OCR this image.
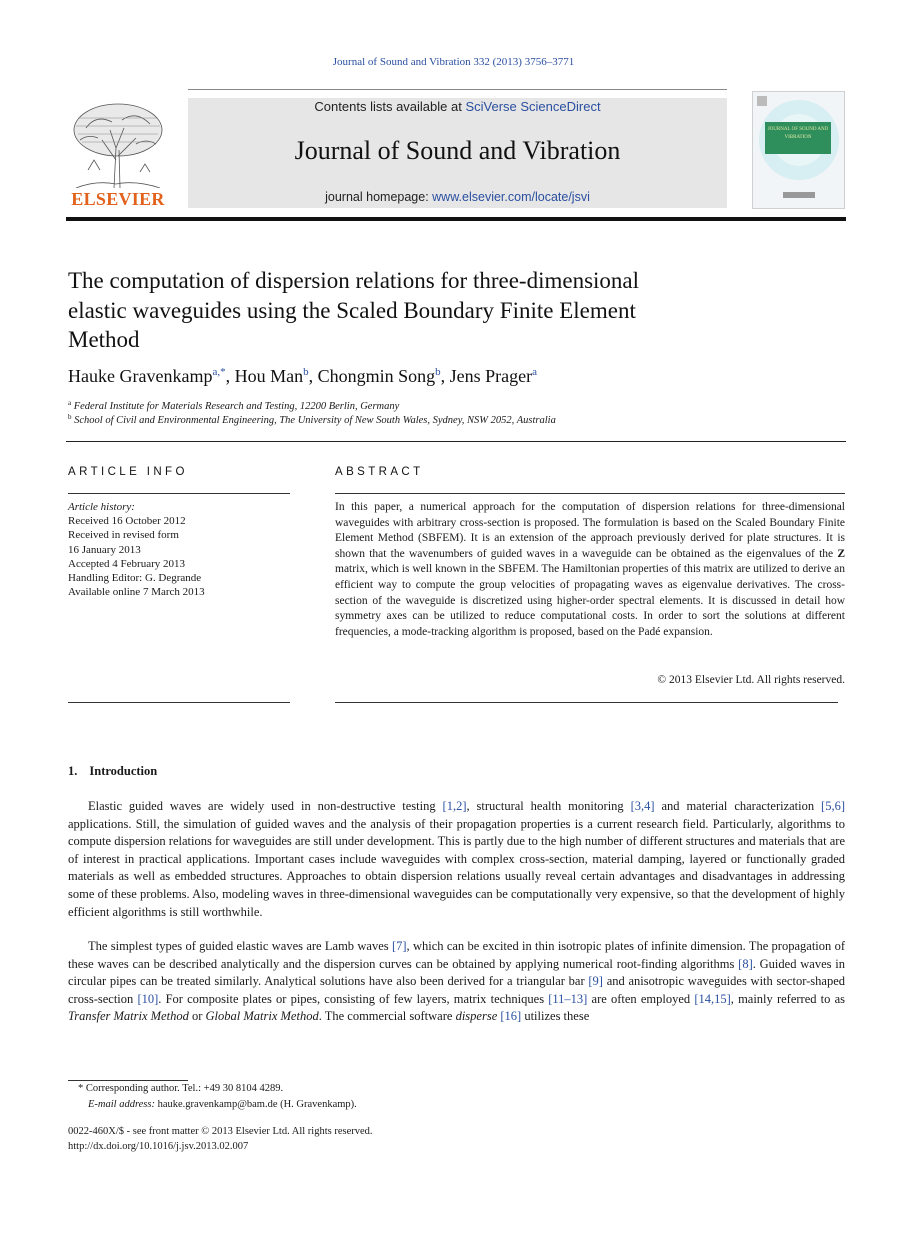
Journal of Sound and Vibration 332 (2013) 3756–3771
ELSEVIER
Contents lists available at SciVerse ScienceDirect
Journal of Sound and Vibration
journal homepage: www.elsevier.com/locate/jsvi
JOURNAL OF SOUND AND VIBRATION
The computation of dispersion relations for three-dimensional elastic waveguides using the Scaled Boundary Finite Element Method
Hauke Gravenkamp$^{a,*}$, Hou Man$^b$, Chongmin Song$^b$, Jens Prager$^a$
$^a$ Federal Institute for Materials Research and Testing, 12200 Berlin, Germany
$^b$ School of Civil and Environmental Engineering, The University of New South Wales, Sydney, NSW 2052, Australia
ARTICLE INFO
Article history:
Received 16 October 2012
Received in revised form
16 January 2013
Accepted 4 February 2013
Handling Editor: G. Degrande
Available online 7 March 2013
ABSTRACT
In this paper, a numerical approach for the computation of dispersion relations for three-dimensional waveguides with arbitrary cross-section is proposed. The formulation is based on the Scaled Boundary Finite Element Method (SBFEM). It is an extension of the approach previously derived for plate structures. It is shown that the wavenumbers of guided waves in a waveguide can be obtained as the eigenvalues of the Z matrix, which is well known in the SBFEM. The Hamiltonian properties of this matrix are utilized to derive an efficient way to compute the group velocities of propagating waves as eigenvalue derivatives. The cross-section of the waveguide is discretized using higher-order spectral elements. It is discussed in detail how symmetry axes can be utilized to reduce computational costs. In order to sort the solutions at different frequencies, a mode-tracking algorithm is proposed, based on the Padé expansion.
© 2013 Elsevier Ltd. All rights reserved.
1. Introduction
Elastic guided waves are widely used in non-destructive testing [1,2], structural health monitoring [3,4] and material characterization [5,6] applications. Still, the simulation of guided waves and the analysis of their propagation properties is a current research field. Particularly, algorithms to compute dispersion relations for waveguides are still under development. This is partly due to the high number of different structures and materials that are of interest in practical applications. Important cases include waveguides with complex cross-section, material damping, layered or functionally graded materials as well as embedded structures. Approaches to obtain dispersion relations usually reveal certain advantages and disadvantages in addressing some of these problems. Also, modeling waves in three-dimensional waveguides can be computationally very expensive, so that the development of highly efficient algorithms is still worthwhile.
The simplest types of guided elastic waves are Lamb waves [7], which can be excited in thin isotropic plates of infinite dimension. The propagation of these waves can be described analytically and the dispersion curves can be obtained by applying numerical root-finding algorithms [8]. Guided waves in circular pipes can be treated similarly. Analytical solutions have also been derived for a triangular bar [9] and anisotropic waveguides with sector-shaped cross-section [10]. For composite plates or pipes, consisting of few layers, matrix techniques [11–13] are often employed [14,15], mainly referred to as Transfer Matrix Method or Global Matrix Method. The commercial software disperse [16] utilizes these
* Corresponding author. Tel.: +49 30 8104 4289.
E-mail address: hauke.gravenkamp@bam.de (H. Gravenkamp).
0022-460X/$ - see front matter © 2013 Elsevier Ltd. All rights reserved.
http://dx.doi.org/10.1016/j.jsv.2013.02.007
